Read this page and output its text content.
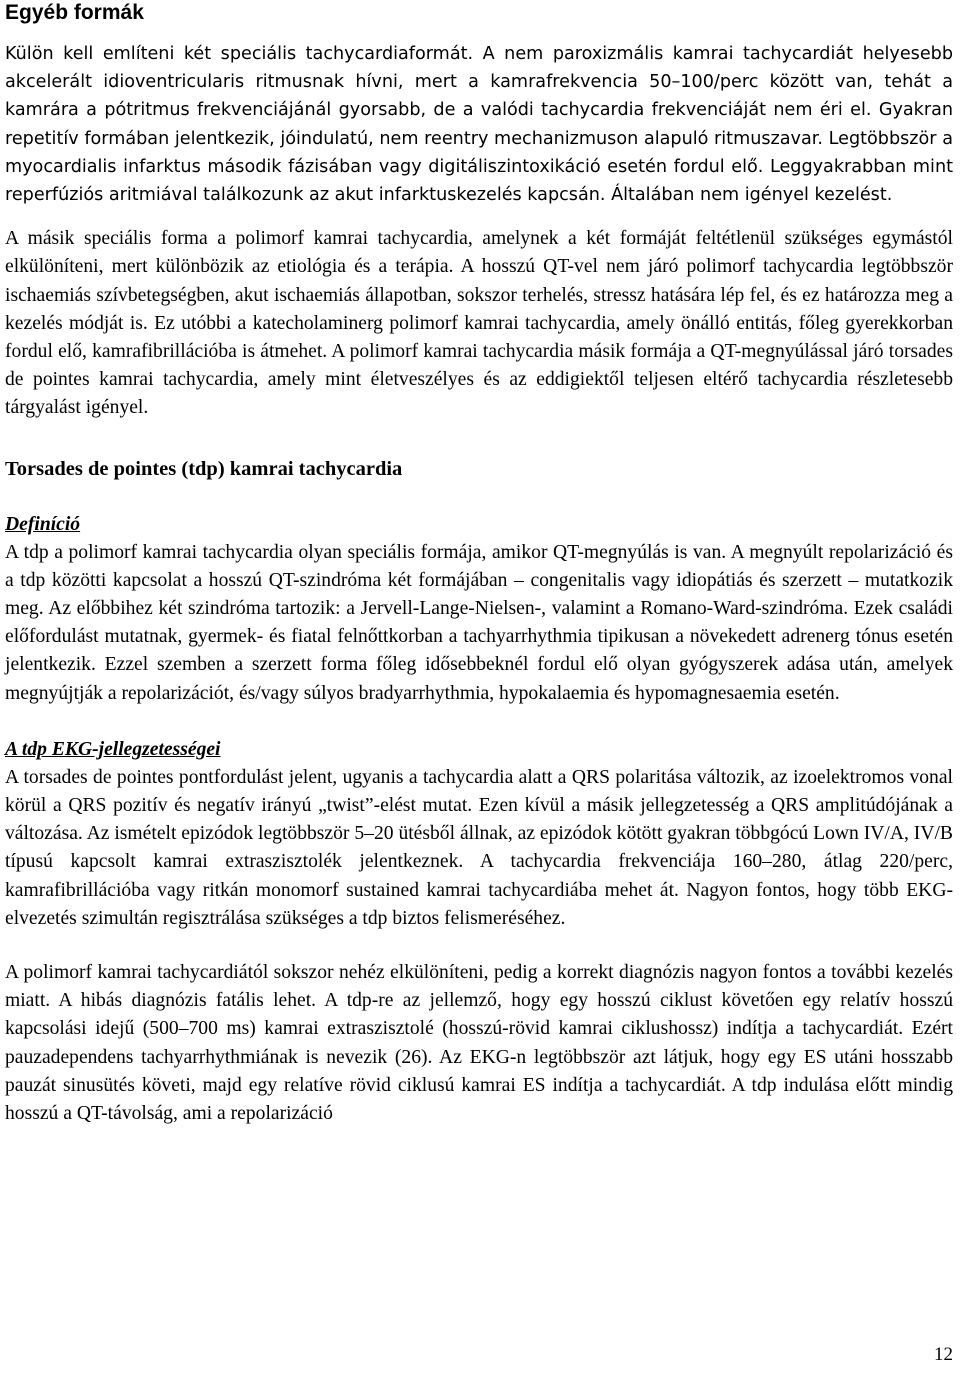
Egyéb formák

Külön kell említeni két speciális tachycardiaformát. A nem paroxizmális kamrai tachycardiát helyesebb akcelerált idioventricularis ritmusnak hívni, mert a kamrafrekvencia 50–100/perc között van, tehát a kamrára a pótritmus frekvenciájánál gyorsabb, de a valódi tachycardia frekvenciáját nem éri el. Gyakran repetitív formában jelentkezik, jóindulatú, nem reentry mechanizmuson alapuló ritmuszavar. Legtöbbször a myocardialis infarktus második fázisában vagy digitáliszintoxikáció esetén fordul elő. Leggyakrabban mint reperfúziós aritmiával találkozunk az akut infarktuskezelés kapcsán. Általában nem igényel kezelést.

A másik speciális forma a polimorf kamrai tachycardia, amelynek a két formáját feltétlenül szükséges egymástól elkülöníteni, mert különbözik az etiológia és a terápia. A hosszú QT-vel nem járó polimorf tachycardia legtöbbször ischaemiás szívbetegségben, akut ischaemiás állapotban, sokszor terhelés, stressz hatására lép fel, és ez határozza meg a kezelés módját is. Ez utóbbi a katecholaminerg polimorf kamrai tachycardia, amely önálló entitás, főleg gyerekkorban fordul elő, kamrafibrillációba is átmehet. A polimorf kamrai tachycardia másik formája a QT-megnyúlással járó torsades de pointes kamrai tachycardia, amely mint életveszélyes és az eddigiektől teljesen eltérő tachycardia részletesebb tárgyalást igényel.

Torsades de pointes (tdp) kamrai tachycardia
Definíció

A tdp a polimorf kamrai tachycardia olyan speciális formája, amikor QT-megnyúlás is van. A megnyúlt repolarizáció és a tdp közötti kapcsolat a hosszú QT-szindróma két formájában – congenitalis vagy idiopátiás és szerzett – mutatkozik meg. Az előbbihez két szindróma tartozik: a Jervell-Lange-Nielsen-, valamint a Romano-Ward-szindróma. Ezek családi előfordulást mutatnak, gyermek- és fiatal felnőttkorban a tachyarrhythmia tipikusan a növekedett adrenerg tónus esetén jelentkezik. Ezzel szemben a szerzett forma főleg idősebbeknél fordul elő olyan gyógyszerek adása után, amelyek megnyújtják a repolarizációt, és/vagy súlyos bradyarrhythmia, hypokalaemia és hypomagnesaemia esetén.

A tdp EKG-jellegzetességei

A torsades de pointes pontfordulást jelent, ugyanis a tachycardia alatt a QRS polaritása változik, az izoelektromos vonal körül a QRS pozitív és negatív irányú „twist”-elést mutat. Ezen kívül a másik jellegzetesség a QRS amplitúdójának a változása. Az ismételt epizódok legtöbbször 5–20 ütésből állnak, az epizódok kötött gyakran többgócú Lown IV/A, IV/B típusú kapcsolt kamrai extraszisztolék jelentkeznek. A tachycardia frekvenciája 160–280, átlag 220/perc, kamrafibrillációba vagy ritkán monomorf sustained kamrai tachycardiába mehet át. Nagyon fontos, hogy több EKG-elvezetés szimultán regisztrálása szükséges a tdp biztos felismeréséhez.

A polimorf kamrai tachycardiától sokszor nehéz elkülöníteni, pedig a korrekt diagnózis nagyon fontos a további kezelés miatt. A hibás diagnózis fatális lehet. A tdp-re az jellemző, hogy egy hosszú ciklust követően egy relatív hosszú kapcsolási idejű (500–700 ms) kamrai extraszisztolé (hosszú-rövid kamrai ciklushossz) indítja a tachycardiát. Ezért pauzadependens tachyarrhythmiának is nevezik (26). Az EKG-n legtöbbször azt látjuk, hogy egy ES utáni hosszabb pauzát sinusütés követi, majd egy relatíve rövid ciklusú kamrai ES indítja a tachycardiát. A tdp indulása előtt mindig hosszú a QT-távolság, ami a repolarizáció

12
